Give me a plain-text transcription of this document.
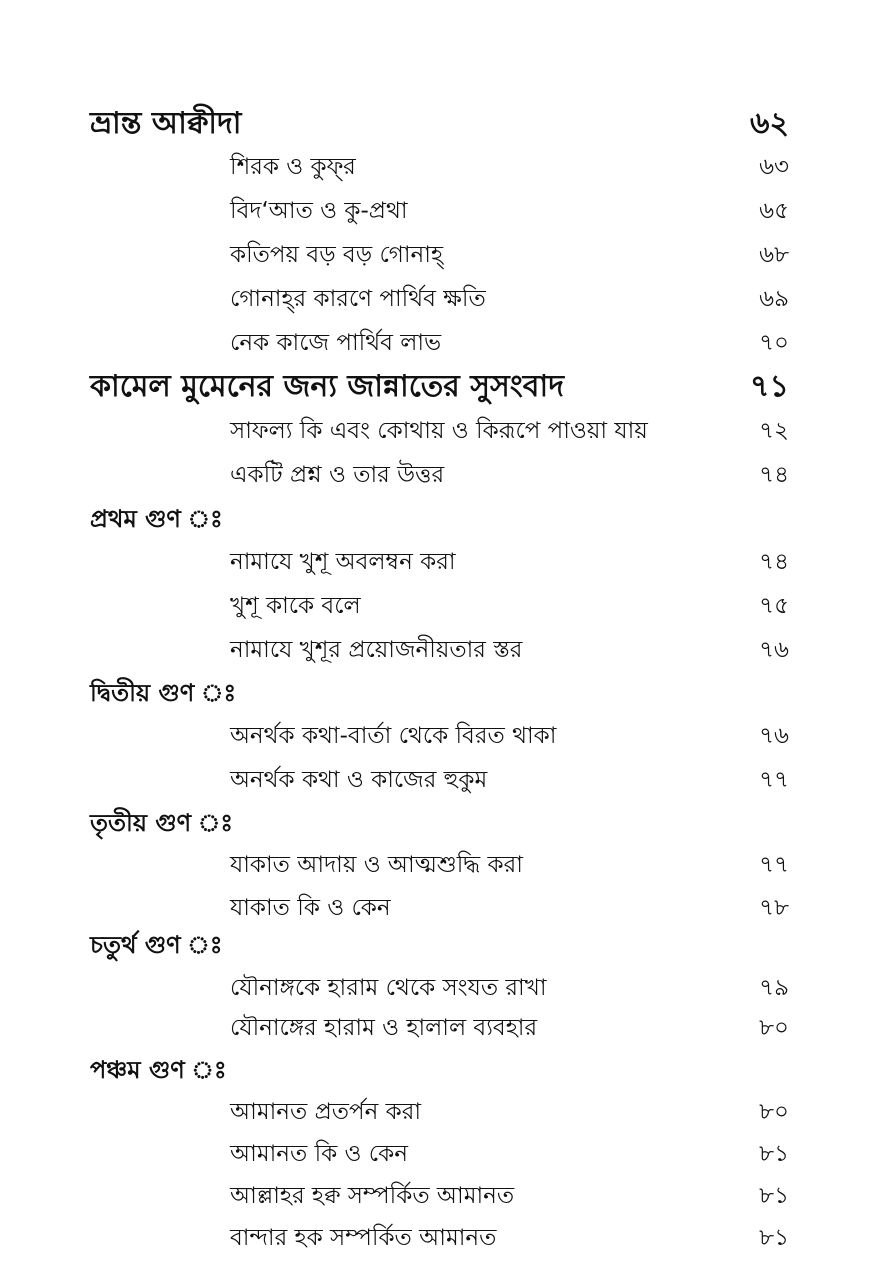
ভ্রান্ত আক্বীদা	৬২
শিরক ও কুফ্‌র	৬৩
বিদ‘আত ও কু-প্রথা	৬৫
কতিপয় বড় বড় গোনাহ্‌	৬৮
গোনাহ্‌র কারণে পার্থিব ক্ষতি	৬৯
নেক কাজে পার্থিব লাভ	৭০
কামেল মুমেনের জন্য জান্নাতের সুসংবাদ	৭১
সাফল্য কি এবং কোথায় ও কিরূপে পাওয়া যায়	৭২
একটি প্রশ্ন ও তার উত্তর	৭৪
প্রথম গুণ ঃ
নামাযে খুশূ অবলম্বন করা	৭৪
খুশূ কাকে বলে	৭৫
নামাযে খুশূর প্রয়োজনীয়তার স্তর	৭৬
দ্বিতীয় গুণ ঃ
অনর্থক কথা-বার্তা থেকে বিরত থাকা	৭৬
অনর্থক কথা ও কাজের হুকুম	৭৭
তৃতীয় গুণ ঃ
যাকাত আদায় ও আত্মশুদ্ধি করা	৭৭
যাকাত কি ও কেন	৭৮
চতুর্থ গুণ ঃ
যৌনাঙ্গকে হারাম থেকে সংযত রাখা	৭৯
যৌনাঙ্গের হারাম ও হালাল ব্যবহার	৮০
পঞ্চম গুণ ঃ
আমানত প্রতর্পন করা	৮০
আমানত কি ও কেন	৮১
আল্লাহর হক্ব সম্পর্কিত আমানত	৮১
বান্দার হক সম্পর্কিত আমানত	৮১
